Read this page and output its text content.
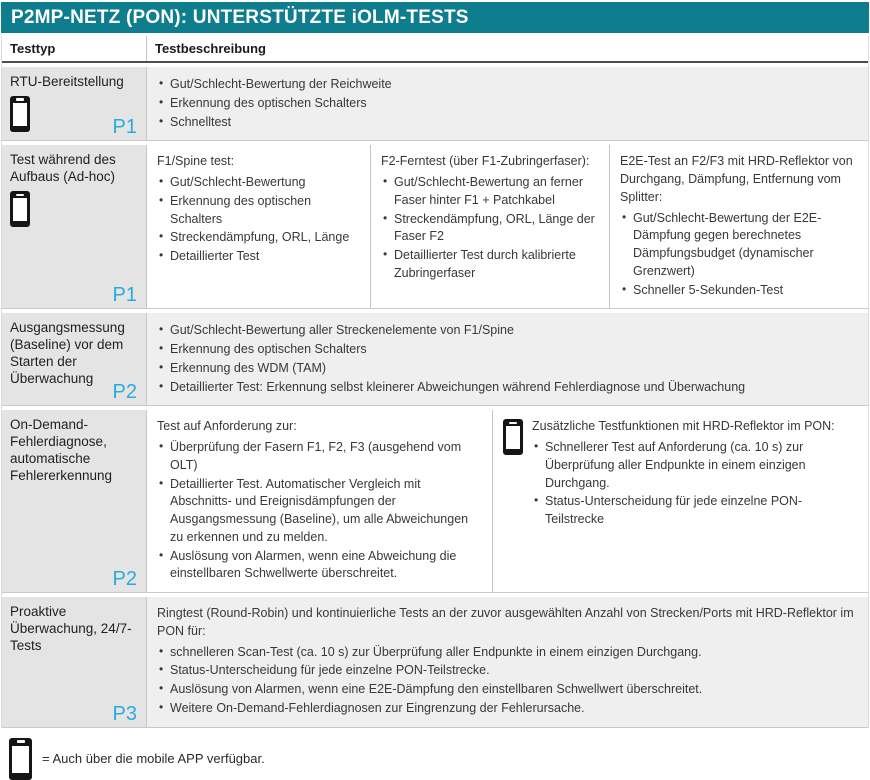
P2MP-NETZ (PON): UNTERSTÜTZTE iOLM-TESTS
Testtyp	Testbeschreibung
RTU-Bereitstellung
P1
• Gut/Schlecht-Bewertung der Reichweite
• Erkennung des optischen Schalters
• Schnelltest
Test während des Aufbaus (Ad-hoc)
P1
F1/Spine test:
• Gut/Schlecht-Bewertung
• Erkennung des optischen Schalters
• Streckendämpfung, ORL, Länge
• Detaillierter Test
F2-Ferntest (über F1-Zubringerfaser):
• Gut/Schlecht-Bewertung an ferner Faser hinter F1 + Patchkabel
• Streckendämpfung, ORL, Länge der Faser F2
• Detaillierter Test durch kalibrierte Zubringerfaser
E2E-Test an F2/F3 mit HRD-Reflektor von Durchgang, Dämpfung, Entfernung vom Splitter:
• Gut/Schlecht-Bewertung der E2E-Dämpfung gegen berechnetes Dämpfungsbudget (dynamischer Grenzwert)
• Schneller 5-Sekunden-Test
Ausgangsmessung (Baseline) vor dem Starten der Überwachung
P2
• Gut/Schlecht-Bewertung aller Streckenelemente von F1/Spine
• Erkennung des optischen Schalters
• Erkennung des WDM (TAM)
• Detaillierter Test: Erkennung selbst kleinerer Abweichungen während Fehlerdiagnose und Überwachung
On-Demand-Fehlerdiagnose, automatische Fehlererkennung
P2
Test auf Anforderung zur:
• Überprüfung der Fasern F1, F2, F3 (ausgehend vom OLT)
• Detaillierter Test. Automatischer Vergleich mit Abschnitts- und Ereignisdämpfungen der Ausgangsmessung (Baseline), um alle Abweichungen zu erkennen und zu melden.
• Auslösung von Alarmen, wenn eine Abweichung die einstellbaren Schwellwerte überschreitet.
Zusätzliche Testfunktionen mit HRD-Reflektor im PON:
• Schnellerer Test auf Anforderung (ca. 10 s) zur Überprüfung aller Endpunkte in einem einzigen Durchgang.
• Status-Unterscheidung für jede einzelne PON-Teilstrecke
Proaktive Überwachung, 24/7-Tests
P3
Ringtest (Round-Robin) und kontinuierliche Tests an der zuvor ausgewählten Anzahl von Strecken/Ports mit HRD-Reflektor im PON für:
• schnelleren Scan-Test (ca. 10 s) zur Überprüfung aller Endpunkte in einem einzigen Durchgang.
• Status-Unterscheidung für jede einzelne PON-Teilstrecke.
• Auslösung von Alarmen, wenn eine E2E-Dämpfung den einstellbaren Schwellwert überschreitet.
• Weitere On-Demand-Fehlerdiagnosen zur Eingrenzung der Fehlerursache.
= Auch über die mobile APP verfügbar.
